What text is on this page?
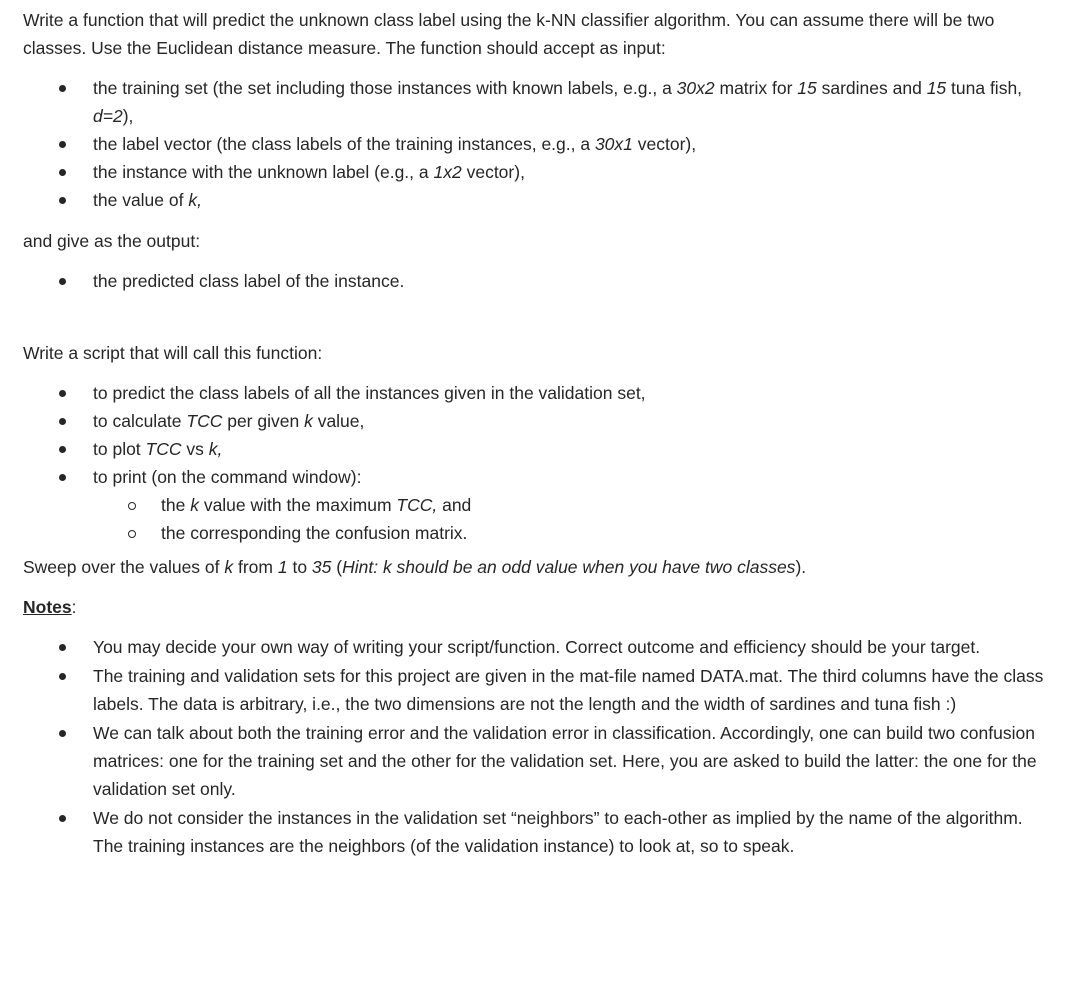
Write a function that will predict the unknown class label using the k-NN classifier algorithm. You can assume there will be two classes. Use the Euclidean distance measure. The function should accept as input:

the training set (the set including those instances with known labels, e.g., a 30x2 matrix for 15 sardines and 15 tuna fish, d=2),
the label vector (the class labels of the training instances, e.g., a 30x1 vector),
the instance with the unknown label (e.g., a 1x2 vector),
the value of k,

and give as the output:

the predicted class label of the instance.

Write a script that will call this function:

to predict the class labels of all the instances given in the validation set,
to calculate TCC per given k value,
to plot TCC vs k,
to print (on the command window):
the k value with the maximum TCC, and
the corresponding the confusion matrix.

Sweep over the values of k from 1 to 35 (Hint: k should be an odd value when you have two classes).

Notes:

You may decide your own way of writing your script/function. Correct outcome and efficiency should be your target.
The training and validation sets for this project are given in the mat-file named DATA.mat. The third columns have the class labels. The data is arbitrary, i.e., the two dimensions are not the length and the width of sardines and tuna fish :)
We can talk about both the training error and the validation error in classification. Accordingly, one can build two confusion matrices: one for the training set and the other for the validation set. Here, you are asked to build the latter: the one for the validation set only.
We do not consider the instances in the validation set “neighbors” to each-other as implied by the name of the algorithm. The training instances are the neighbors (of the validation instance) to look at, so to speak.
